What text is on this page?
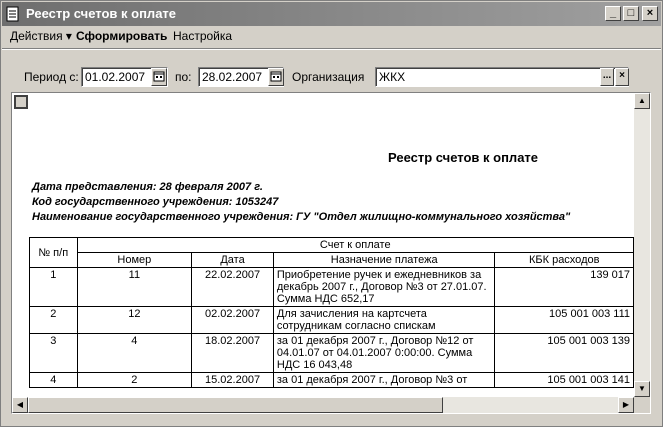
Реестр счетов к оплате	_	□	×
Действия ▾ Сформировать Настройка
Период с: 01.02.2007	по: 28.02.2007	Организация	ЖКХ	... ×
Реестр счетов к оплате
Дата представления: 28 февраля 2007 г.
Код государственного учреждения: 1053247
Наименование государственного учреждения: ГУ "Отдел жилищно-коммунального хозяйства"
№ п/п	Счет к оплате			
	Номер	Дата	Назначение платежа	КБК расходов
1	11	22.02.2007	Приобретение ручек и ежедневников за
декабрь 2007 г., Договор №3 от 27.01.07.
Сумма НДС 652,17	139 017
2	12	02.02.2007	Для зачисления на картсчета
сотрудникам согласно спискам	105 001 003 111
3	4	18.02.2007	за 01 декабря 2007 г., Договор №12 от
04.01.07 от 04.01.2007 0:00:00. Сумма
НДС 16 043,48	105 001 003 139
4	2	15.02.2007	за 01 декабря 2007 г., Договор №3 от	105 001 003 141
▲
▼
◀	▶
